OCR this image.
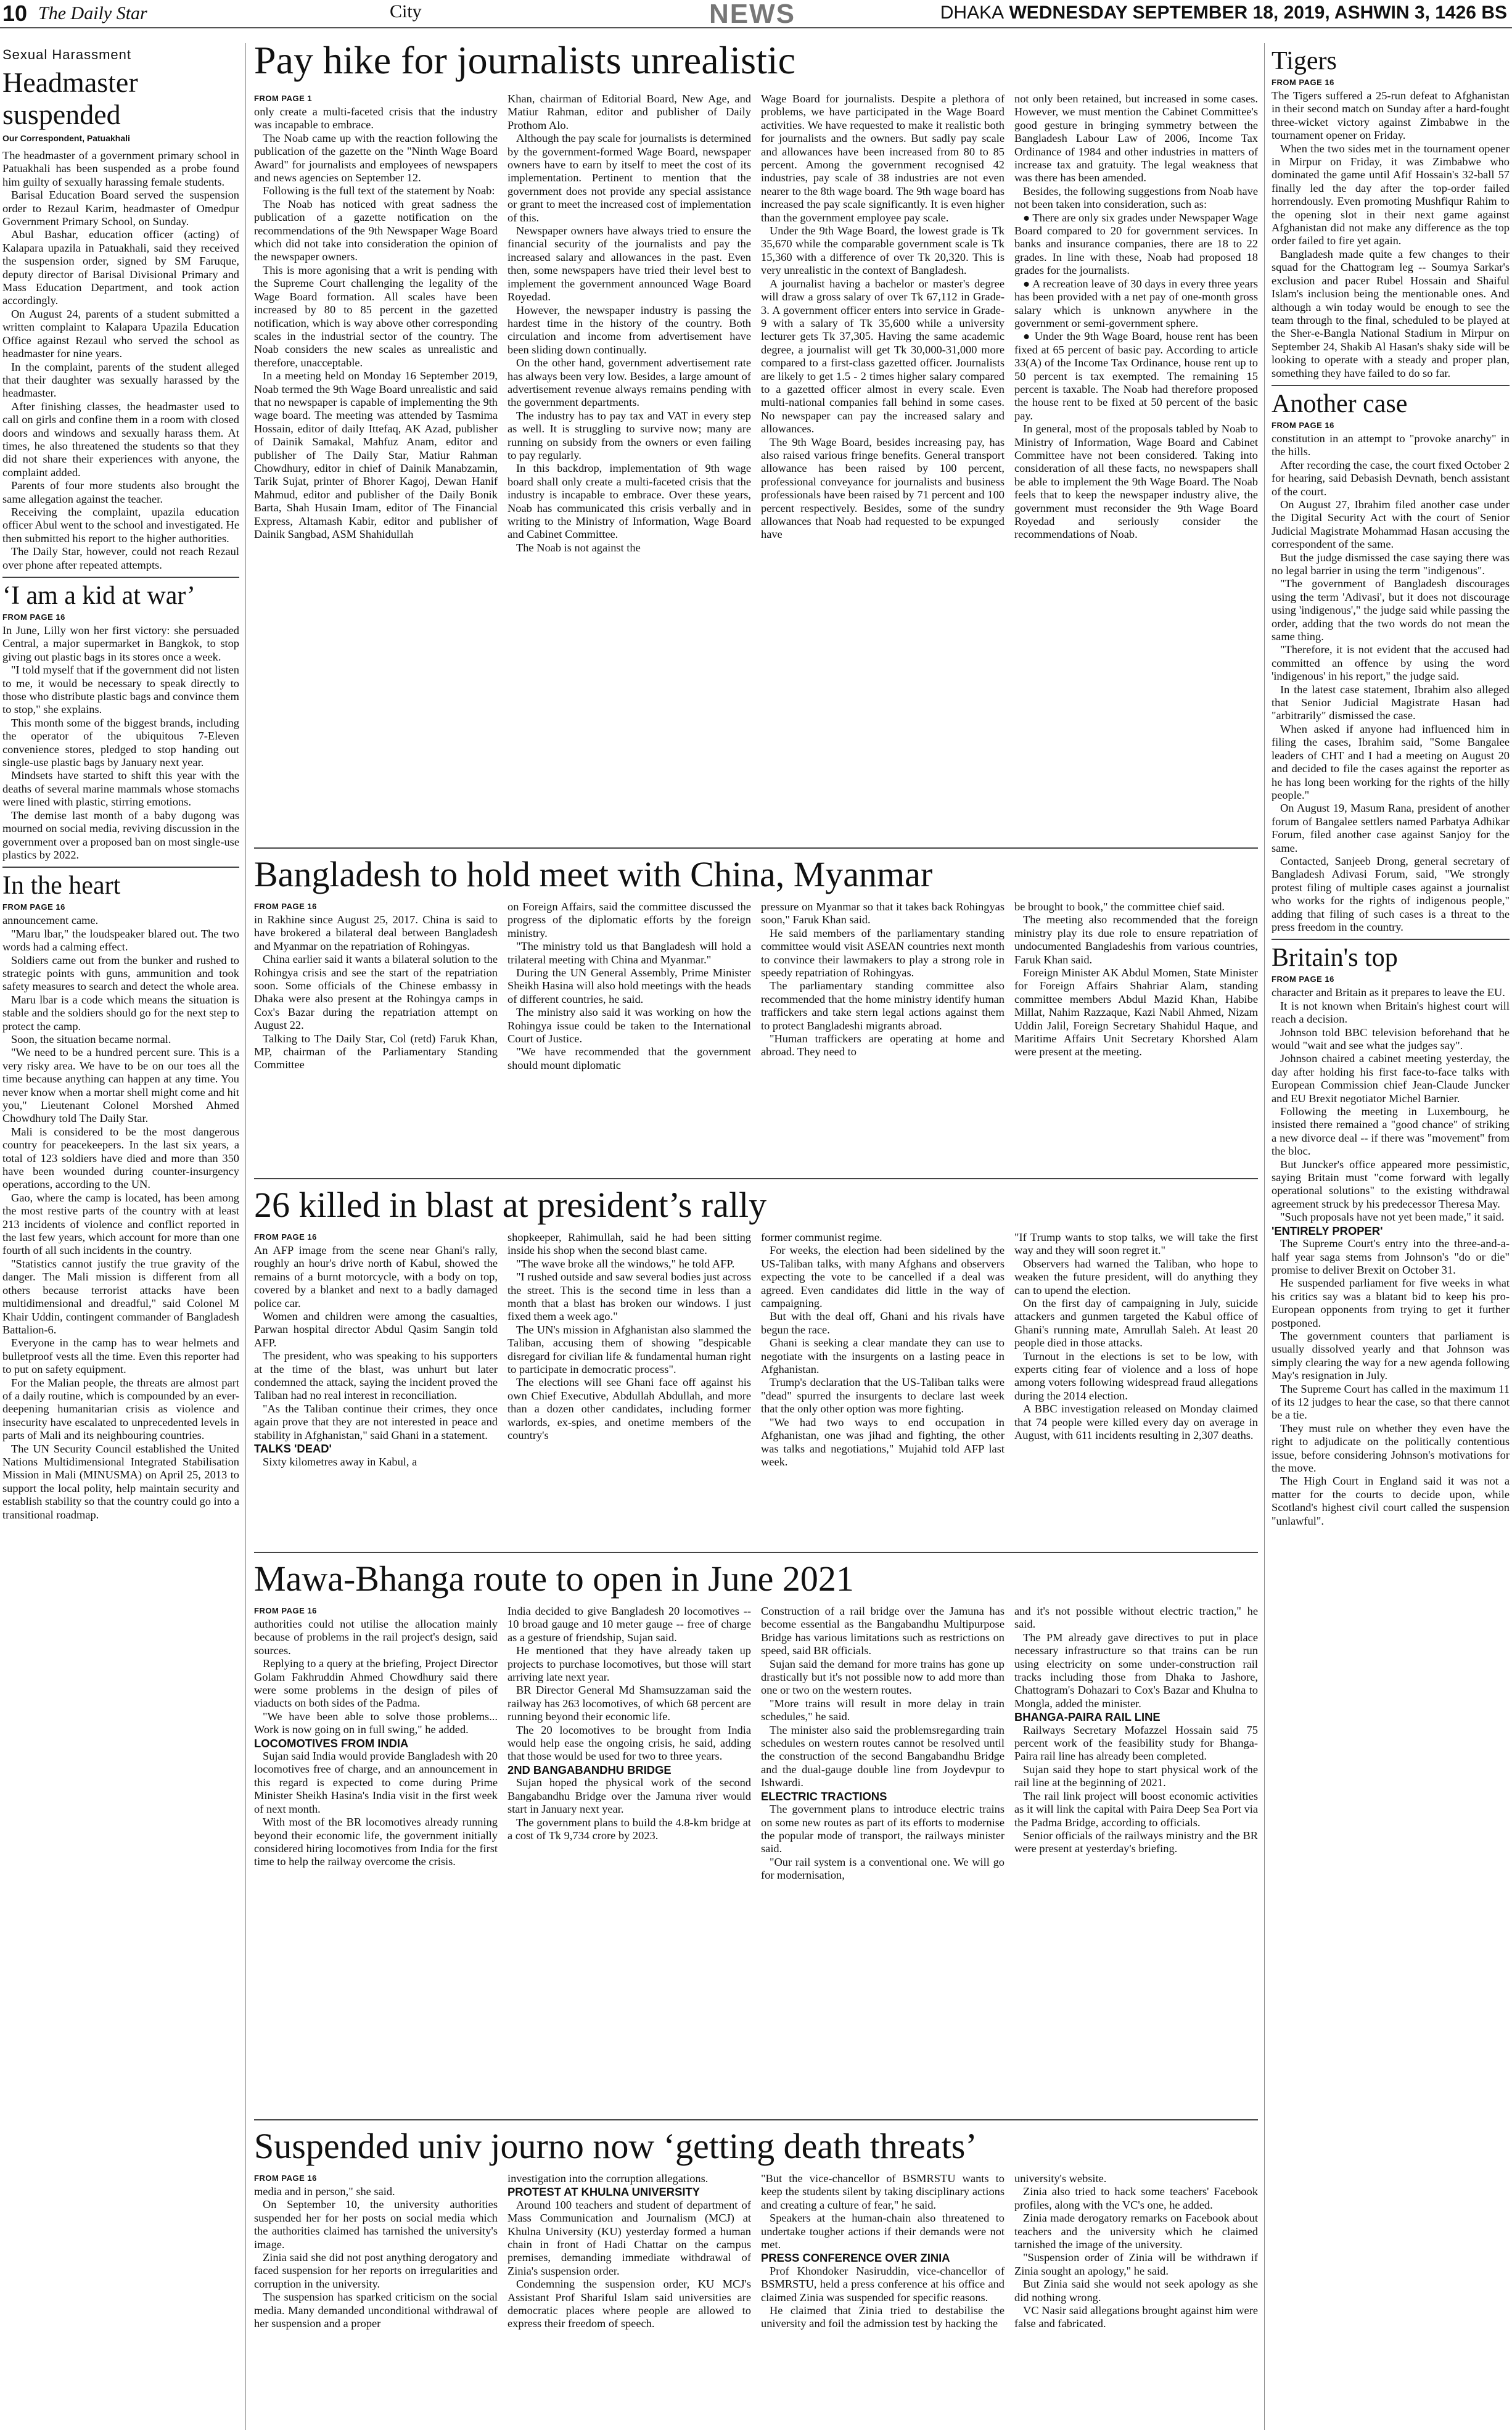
10 The Daily Star	City	NEWS	DHAKA WEDNESDAY SEPTEMBER 18, 2019, ASHWIN 3, 1426 BS
Sexual Harassment
Headmaster suspended
Our Correspondent, Patuakhali

The headmaster of a government primary school in Patuakhali has been suspended as a probe found him guilty of sexually harassing female students.

Barisal Education Board served the suspension order to Rezaul Karim, headmaster of Omedpur Government Primary School, on Sunday.

Abul Bashar, education officer (acting) of Kalapara upazila in Patuakhali, said they received the suspension order, signed by SM Faruque, deputy director of Barisal Divisional Primary and Mass Education Department, and took action accordingly.

On August 24, parents of a student submitted a written complaint to Kalapara Upazila Education Office against Rezaul who served the school as headmaster for nine years.

In the complaint, parents of the student alleged that their daughter was sexually harassed by the headmaster.

After finishing classes, the headmaster used to call on girls and confine them in a room with closed doors and windows and sexually harass them. At times, he also threatened the students so that they did not share their experiences with anyone, the complaint added.

Parents of four more students also brought the same allegation against the teacher.

Receiving the complaint, upazila education officer Abul went to the school and investigated. He then submitted his report to the higher authorities.

The Daily Star, however, could not reach Rezaul over phone after repeated attempts.

‘I am a kid at war’
FROM PAGE 16

In June, Lilly won her first victory: she persuaded Central, a major supermarket in Bangkok, to stop giving out plastic bags in its stores once a week.

"I told myself that if the government did not listen to me, it would be necessary to speak directly to those who distribute plastic bags and convince them to stop," she explains.

This month some of the biggest brands, including the operator of the ubiquitous 7-Eleven convenience stores, pledged to stop handing out single-use plastic bags by January next year.

Mindsets have started to shift this year with the deaths of several marine mammals whose stomachs were lined with plastic, stirring emotions.

The demise last month of a baby dugong was mourned on social media, reviving discussion in the government over a proposed ban on most single-use plastics by 2022.

In the heart
FROM PAGE 16

announcement came.

"Maru lbar," the loudspeaker blared out. The two words had a calming effect.

Soldiers came out from the bunker and rushed to strategic points with guns, ammunition and took safety measures to search and detect the whole area.

Maru lbar is a code which means the situation is stable and the soldiers should go for the next step to protect the camp.

Soon, the situation became normal.

"We need to be a hundred percent sure. This is a very risky area. We have to be on our toes all the time because anything can happen at any time. You never know when a mortar shell might come and hit you," Lieutenant Colonel Morshed Ahmed Chowdhury told The Daily Star.

Mali is considered to be the most dangerous country for peacekeepers. In the last six years, a total of 123 soldiers have died and more than 350 have been wounded during counter-insurgency operations, according to the UN.

Gao, where the camp is located, has been among the most restive parts of the country with at least 213 incidents of violence and conflict reported in the last few years, which account for more than one fourth of all such incidents in the country.

"Statistics cannot justify the true gravity of the danger. The Mali mission is different from all others because terrorist attacks have been multidimensional and dreadful," said Colonel M Khair Uddin, contingent commander of Bangladesh Battalion-6.

Everyone in the camp has to wear helmets and bulletproof vests all the time. Even this reporter had to put on safety equipment.

For the Malian people, the threats are almost part of a daily routine, which is compounded by an ever-deepening humanitarian crisis as violence and insecurity have escalated to unprecedented levels in parts of Mali and its neighbouring countries.

The UN Security Council established the United Nations Multidimensional Integrated Stabilisation Mission in Mali (MINUSMA) on April 25, 2013 to support the local polity, help maintain security and establish stability so that the country could go into a transitional roadmap.

Pay hike for journalists unrealistic
FROM PAGE 1

only create a multi-faceted crisis that the industry was incapable to embrace.

The Noab came up with the reaction following the publication of the gazette on the "Ninth Wage Board Award" for journalists and employees of newspapers and news agencies on September 12.

Following is the full text of the statement by Noab:

The Noab has noticed with great sadness the publication of a gazette notification on the recommendations of the 9th Newspaper Wage Board which did not take into consideration the opinion of the newspaper owners.

This is more agonising that a writ is pending with the Supreme Court challenging the legality of the Wage Board formation. All scales have been increased by 80 to 85 percent in the gazetted notification, which is way above other corresponding scales in the industrial sector of the country. The Noab considers the new scales as unrealistic and therefore, unacceptable.

In a meeting held on Monday 16 September 2019, Noab termed the 9th Wage Board unrealistic and said that no newspaper is capable of implementing the 9th wage board. The meeting was attended by Tasmima Hossain, editor of daily Ittefaq, AK Azad, publisher of Dainik Samakal, Mahfuz Anam, editor and publisher of The Daily Star, Matiur Rahman Chowdhury, editor in chief of Dainik Manabzamin, Tarik Sujat, printer of Bhorer Kagoj, Dewan Hanif Mahmud, editor and publisher of the Daily Bonik Barta, Shah Husain Imam, editor of The Financial Express, Altamash Kabir, editor and publisher of Dainik Sangbad, ASM Shahidullah

Khan, chairman of Editorial Board, New Age, and Matiur Rahman, editor and publisher of Daily Prothom Alo.

Although the pay scale for journalists is determined by the government-formed Wage Board, newspaper owners have to earn by itself to meet the cost of its implementation. Pertinent to mention that the government does not provide any special assistance or grant to meet the increased cost of implementation of this.

Newspaper owners have always tried to ensure the financial security of the journalists and pay the increased salary and allowances in the past. Even then, some newspapers have tried their level best to implement the government announced Wage Board Royedad.

However, the newspaper industry is passing the hardest time in the history of the country. Both circulation and income from advertisement have been sliding down continually.

On the other hand, government advertisement rate has always been very low. Besides, a large amount of advertisement revenue always remains pending with the government departments.

The industry has to pay tax and VAT in every step as well. It is struggling to survive now; many are running on subsidy from the owners or even failing to pay regularly.

In this backdrop, implementation of 9th wage board shall only create a multi-faceted crisis that the industry is incapable to embrace. Over these years, Noab has communicated this crisis verbally and in writing to the Ministry of Information, Wage Board and Cabinet Committee.

The Noab is not against the

Wage Board for journalists. Despite a plethora of problems, we have participated in the Wage Board activities. We have requested to make it realistic both for journalists and the owners. But sadly pay scale and allowances have been increased from 80 to 85 percent. Among the government recognised 42 industries, pay scale of 38 industries are not even nearer to the 8th wage board. The 9th wage board has increased the pay scale significantly. It is even higher than the government employee pay scale.

Under the 9th Wage Board, the lowest grade is Tk 35,670 while the comparable government scale is Tk 15,360 with a difference of over Tk 20,320. This is very unrealistic in the context of Bangladesh.

A journalist having a bachelor or master's degree will draw a gross salary of over Tk 67,112 in Grade-3. A government officer enters into service in Grade-9 with a salary of Tk 35,600 while a university lecturer gets Tk 37,305. Having the same academic degree, a journalist will get Tk 30,000-31,000 more compared to a first-class gazetted officer. Journalists are likely to get 1.5 - 2 times higher salary compared to a gazetted officer almost in every scale. Even multi-national companies fall behind in some cases. No newspaper can pay the increased salary and allowances.

The 9th Wage Board, besides increasing pay, has also raised various fringe benefits. General transport allowance has been raised by 100 percent, professional conveyance for journalists and business professionals have been raised by 71 percent and 100 percent respectively. Besides, some of the sundry allowances that Noab had requested to be expunged have

not only been retained, but increased in some cases. However, we must mention the Cabinet Committee's good gesture in bringing symmetry between the Bangladesh Labour Law of 2006, Income Tax Ordinance of 1984 and other industries in matters of increase tax and gratuity. The legal weakness that was there has been amended.

Besides, the following suggestions from Noab have not been taken into consideration, such as:

● There are only six grades under Newspaper Wage Board compared to 20 for government services. In banks and insurance companies, there are 18 to 22 grades. In line with these, Noab had proposed 18 grades for the journalists.

● A recreation leave of 30 days in every three years has been provided with a net pay of one-month gross salary which is unknown anywhere in the government or semi-government sphere.

● Under the 9th Wage Board, house rent has been fixed at 65 percent of basic pay. According to article 33(A) of the Income Tax Ordinance, house rent up to 50 percent is tax exempted. The remaining 15 percent is taxable. The Noab had therefore proposed the house rent to be fixed at 50 percent of the basic pay.

In general, most of the proposals tabled by Noab to Ministry of Information, Wage Board and Cabinet Committee have not been considered. Taking into consideration of all these facts, no newspapers shall be able to implement the 9th Wage Board. The Noab feels that to keep the newspaper industry alive, the government must reconsider the 9th Wage Board Royedad and seriously consider the recommendations of Noab.

Tigers
FROM PAGE 16

The Tigers suffered a 25-run defeat to Afghanistan in their second match on Sunday after a hard-fought three-wicket victory against Zimbabwe in the tournament opener on Friday.

When the two sides met in the tournament opener in Mirpur on Friday, it was Zimbabwe who dominated the game until Afif Hossain's 32-ball 57 finally led the day after the top-order failed horrendously. Even promoting Mushfiqur Rahim to the opening slot in their next game against Afghanistan did not make any difference as the top order failed to fire yet again.

Bangladesh made quite a few changes to their squad for the Chattogram leg -- Soumya Sarkar's exclusion and pacer Rubel Hossain and Shaiful Islam's inclusion being the mentionable ones. And although a win today would be enough to see the team through to the final, scheduled to be played at the Sher-e-Bangla National Stadium in Mirpur on September 24, Shakib Al Hasan's shaky side will be looking to operate with a steady and proper plan, something they have failed to do so far.

Another case
FROM PAGE 16

constitution in an attempt to "provoke anarchy" in the hills.

After recording the case, the court fixed October 2 for hearing, said Debasish Devnath, bench assistant of the court.

On August 27, Ibrahim filed another case under the Digital Security Act with the court of Senior Judicial Magistrate Mohammad Hasan accusing the correspondent of the same.

But the judge dismissed the case saying there was no legal barrier in using the term "indigenous".

"The government of Bangladesh discourages using the term 'Adivasi', but it does not discourage using 'indigenous'," the judge said while passing the order, adding that the two words do not mean the same thing.

"Therefore, it is not evident that the accused had committed an offence by using the word 'indigenous' in his report," the judge said.

In the latest case statement, Ibrahim also alleged that Senior Judicial Magistrate Hasan had "arbitrarily" dismissed the case.

When asked if anyone had influenced him in filing the cases, Ibrahim said, "Some Bangalee leaders of CHT and I had a meeting on August 20 and decided to file the cases against the reporter as he has long been working for the rights of the hilly people."

On August 19, Masum Rana, president of another forum of Bangalee settlers named Parbatya Adhikar Forum, filed another case against Sanjoy for the same.

Contacted, Sanjeeb Drong, general secretary of Bangladesh Adivasi Forum, said, "We strongly protest filing of multiple cases against a journalist who works for the rights of indigenous people," adding that filing of such cases is a threat to the press freedom in the country.

Britain's top
FROM PAGE 16

character and Britain as it prepares to leave the EU.

It is not known when Britain's highest court will reach a decision.

Johnson told BBC television beforehand that he would "wait and see what the judges say".

Johnson chaired a cabinet meeting yesterday, the day after holding his first face-to-face talks with European Commission chief Jean-Claude Juncker and EU Brexit negotiator Michel Barnier.

Following the meeting in Luxembourg, he insisted there remained a "good chance" of striking a new divorce deal -- if there was "movement" from the bloc.

But Juncker's office appeared more pessimistic, saying Britain must "come forward with legally operational solutions" to the existing withdrawal agreement struck by his predecessor Theresa May.

"Such proposals have not yet been made," it said.

'ENTIRELY PROPER'

The Supreme Court's entry into the three-and-a-half year saga stems from Johnson's "do or die" promise to deliver Brexit on October 31.

He suspended parliament for five weeks in what his critics say was a blatant bid to keep his pro-European opponents from trying to get it further postponed.

The government counters that parliament is usually dissolved yearly and that Johnson was simply clearing the way for a new agenda following May's resignation in July.

The Supreme Court has called in the maximum 11 of its 12 judges to hear the case, so that there cannot be a tie.

They must rule on whether they even have the right to adjudicate on the politically contentious issue, before considering Johnson's motivations for the move.

The High Court in England said it was not a matter for the courts to decide upon, while Scotland's highest civil court called the suspension "unlawful".

Bangladesh to hold meet with China, Myanmar
FROM PAGE 16

in Rakhine since August 25, 2017. China is said to have brokered a bilateral deal between Bangladesh and Myanmar on the repatriation of Rohingyas.

China earlier said it wants a bilateral solution to the Rohingya crisis and see the start of the repatriation soon. Some officials of the Chinese embassy in Dhaka were also present at the Rohingya camps in Cox's Bazar during the repatriation attempt on August 22.

Talking to The Daily Star, Col (retd) Faruk Khan, MP, chairman of the Parliamentary Standing Committee

on Foreign Affairs, said the committee discussed the progress of the diplomatic efforts by the foreign ministry.

"The ministry told us that Bangladesh will hold a trilateral meeting with China and Myanmar."

During the UN General Assembly, Prime Minister Sheikh Hasina will also hold meetings with the heads of different countries, he said.

The ministry also said it was working on how the Rohingya issue could be taken to the International Court of Justice.

"We have recommended that the government should mount diplomatic

pressure on Myanmar so that it takes back Rohingyas soon," Faruk Khan said.

He said members of the parliamentary standing committee would visit ASEAN countries next month to convince their lawmakers to play a strong role in speedy repatriation of Rohingyas.

The parliamentary standing committee also recommended that the home ministry identify human traffickers and take stern legal actions against them to protect Bangladeshi migrants abroad.

"Human traffickers are operating at home and abroad. They need to

be brought to book," the committee chief said.

The meeting also recommended that the foreign ministry play its due role to ensure repatriation of undocumented Bangladeshis from various countries, Faruk Khan said.

Foreign Minister AK Abdul Momen, State Minister for Foreign Affairs Shahriar Alam, standing committee members Abdul Mazid Khan, Habibe Millat, Nahim Razzaque, Kazi Nabil Ahmed, Nizam Uddin Jalil, Foreign Secretary Shahidul Haque, and Maritime Affairs Unit Secretary Khorshed Alam were present at the meeting.

26 killed in blast at president’s rally
FROM PAGE 16

An AFP image from the scene near Ghani's rally, roughly an hour's drive north of Kabul, showed the remains of a burnt motorcycle, with a body on top, covered by a blanket and next to a badly damaged police car.

Women and children were among the casualties, Parwan hospital director Abdul Qasim Sangin told AFP.

The president, who was speaking to his supporters at the time of the blast, was unhurt but later condemned the attack, saying the incident proved the Taliban had no real interest in reconciliation.

"As the Taliban continue their crimes, they once again prove that they are not interested in peace and stability in Afghanistan," said Ghani in a statement.

TALKS 'DEAD'

Sixty kilometres away in Kabul, a

shopkeeper, Rahimullah, said he had been sitting inside his shop when the second blast came.

"The wave broke all the windows," he told AFP.

"I rushed outside and saw several bodies just across the street. This is the second time in less than a month that a blast has broken our windows. I just fixed them a week ago."

The UN's mission in Afghanistan also slammed the Taliban, accusing them of showing "despicable disregard for civilian life & fundamental human right to participate in democratic process".

The elections will see Ghani face off against his own Chief Executive, Abdullah Abdullah, and more than a dozen other candidates, including former warlords, ex-spies, and onetime members of the country's

former communist regime.

For weeks, the election had been sidelined by the US-Taliban talks, with many Afghans and observers expecting the vote to be cancelled if a deal was agreed. Even candidates did little in the way of campaigning.

But with the deal off, Ghani and his rivals have begun the race.

Ghani is seeking a clear mandate they can use to negotiate with the insurgents on a lasting peace in Afghanistan.

Trump's declaration that the US-Taliban talks were "dead" spurred the insurgents to declare last week that the only other option was more fighting.

"We had two ways to end occupation in Afghanistan, one was jihad and fighting, the other was talks and negotiations," Mujahid told AFP last week.

"If Trump wants to stop talks, we will take the first way and they will soon regret it."

Observers had warned the Taliban, who hope to weaken the future president, will do anything they can to upend the election.

On the first day of campaigning in July, suicide attackers and gunmen targeted the Kabul office of Ghani's running mate, Amrullah Saleh. At least 20 people died in those attacks.

Turnout in the elections is set to be low, with experts citing fear of violence and a loss of hope among voters following widespread fraud allegations during the 2014 election.

A BBC investigation released on Monday claimed that 74 people were killed every day on average in August, with 611 incidents resulting in 2,307 deaths.

Mawa-Bhanga route to open in June 2021
FROM PAGE 16

authorities could not utilise the allocation mainly because of problems in the rail project's design, said sources.

Replying to a query at the briefing, Project Director Golam Fakhruddin Ahmed Chowdhury said there were some problems in the design of piles of viaducts on both sides of the Padma.

"We have been able to solve those problems... Work is now going on in full swing," he added.

LOCOMOTIVES FROM INDIA

Sujan said India would provide Bangladesh with 20 locomotives free of charge, and an announcement in this regard is expected to come during Prime Minister Sheikh Hasina's India visit in the first week of next month.

With most of the BR locomotives already running beyond their economic life, the government initially considered hiring locomotives from India for the first time to help the railway overcome the crisis.

India decided to give Bangladesh 20 locomotives -- 10 broad gauge and 10 meter gauge -- free of charge as a gesture of friendship, Sujan said.

He mentioned that they have already taken up projects to purchase locomotives, but those will start arriving late next year.

BR Director General Md Shamsuzzaman said the railway has 263 locomotives, of which 68 percent are running beyond their economic life.

The 20 locomotives to be brought from India would help ease the ongoing crisis, he said, adding that those would be used for two to three years.

2ND BANGABANDHU BRIDGE

Sujan hoped the physical work of the second Bangabandhu Bridge over the Jamuna river would start in January next year.

The government plans to build the 4.8-km bridge at a cost of Tk 9,734 crore by 2023.

Construction of a rail bridge over the Jamuna has become essential as the Bangabandhu Multipurpose Bridge has various limitations such as restrictions on speed, said BR officials.

Sujan said the demand for more trains has gone up drastically but it's not possible now to add more than one or two on the western routes.

"More trains will result in more delay in train schedules," he said.

The minister also said the problemsregarding train schedules on western routes cannot be resolved until the construction of the second Bangabandhu Bridge and the dual-gauge double line from Joydevpur to Ishwardi.

ELECTRIC TRACTIONS

The government plans to introduce electric trains on some new routes as part of its efforts to modernise the popular mode of transport, the railways minister said.

"Our rail system is a conventional one. We will go for modernisation,

and it's not possible without electric traction," he said.

The PM already gave directives to put in place necessary infrastructure so that trains can be run using electricity on some under-construction rail tracks including those from Dhaka to Jashore, Chattogram's Dohazari to Cox's Bazar and Khulna to Mongla, added the minister.

BHANGA-PAIRA RAIL LINE

Railways Secretary Mofazzel Hossain said 75 percent work of the feasibility study for Bhanga-Paira rail line has already been completed.

Sujan said they hope to start physical work of the rail line at the beginning of 2021.

The rail link project will boost economic activities as it will link the capital with Paira Deep Sea Port via the Padma Bridge, according to officials.

Senior officials of the railways ministry and the BR were present at yesterday's briefing.

Suspended univ journo now ‘getting death threats’
FROM PAGE 16

media and in person," she said.

On September 10, the university authorities suspended her for her posts on social media which the authorities claimed has tarnished the university's image.

Zinia said she did not post anything derogatory and faced suspension for her reports on irregularities and corruption in the university.

The suspension has sparked criticism on the social media. Many demanded unconditional withdrawal of her suspension and a proper

investigation into the corruption allegations.

PROTEST AT KHULNA UNIVERSITY

Around 100 teachers and student of department of Mass Communication and Journalism (MCJ) at Khulna University (KU) yesterday formed a human chain in front of Hadi Chattar on the campus premises, demanding immediate withdrawal of Zinia's suspension order.

Condemning the suspension order, KU MCJ's Assistant Prof Shariful Islam said universities are democratic places where people are allowed to express their freedom of speech.

"But the vice-chancellor of BSMRSTU wants to keep the students silent by taking disciplinary actions and creating a culture of fear," he said.

Speakers at the human-chain also threatened to undertake tougher actions if their demands were not met.

PRESS CONFERENCE OVER ZINIA

Prof Khondoker Nasiruddin, vice-chancellor of BSMRSTU, held a press conference at his office and claimed Zinia was suspended for specific reasons.

He claimed that Zinia tried to destabilise the university and foil the admission test by hacking the

university's website.

Zinia also tried to hack some teachers' Facebook profiles, along with the VC's one, he added.

Zinia made derogatory remarks on Facebook about teachers and the university which he claimed tarnished the image of the university.

"Suspension order of Zinia will be withdrawn if Zinia sought an apology," he said.

But Zinia said she would not seek apology as she did nothing wrong.

VC Nasir said allegations brought against him were false and fabricated.
